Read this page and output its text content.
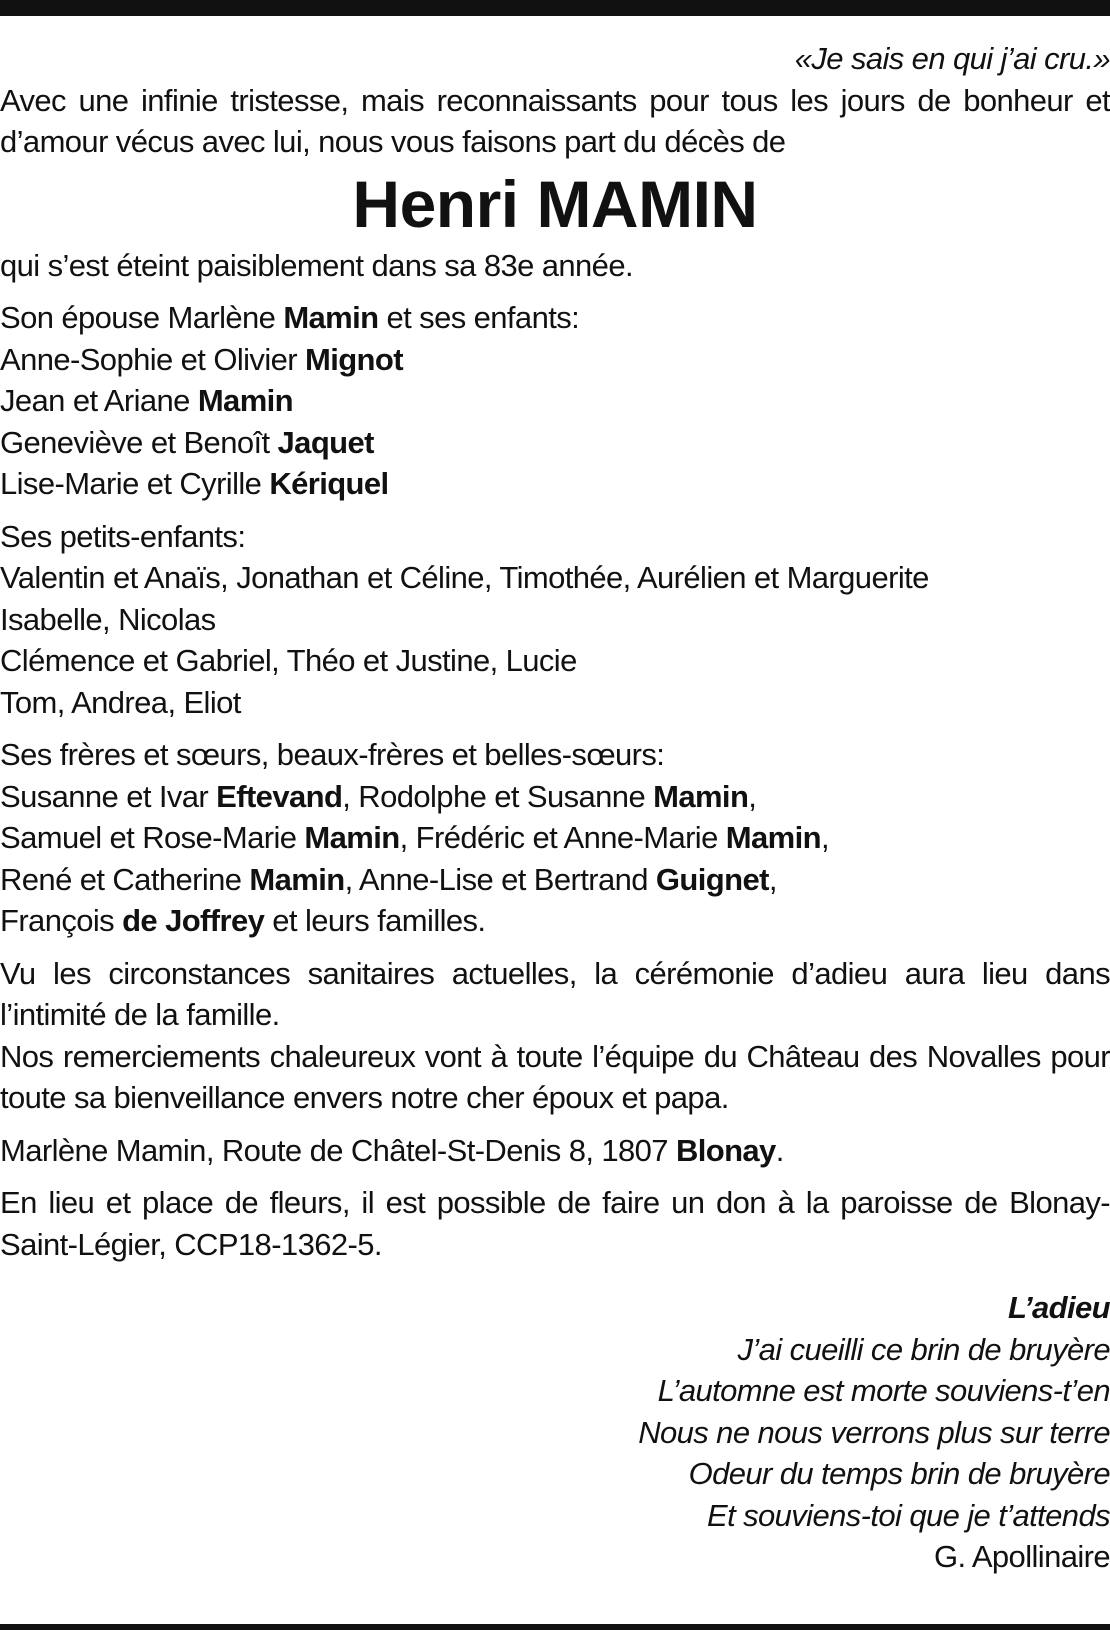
«Je sais en qui j’ai cru.»

Avec une infinie tristesse, mais reconnaissants pour tous les jours de bonheur et d’amour vécus avec lui, nous vous faisons part du décès de

Henri MAMIN

qui s’est éteint paisiblement dans sa 83e année.

Son épouse Marlène Mamin et ses enfants:

Anne-Sophie et Olivier Mignot

Jean et Ariane Mamin

Geneviève et Benoît Jaquet

Lise-Marie et Cyrille Kériquel

Ses petits-enfants:

Valentin et Anaïs, Jonathan et Céline, Timothée, Aurélien et Marguerite

Isabelle, Nicolas

Clémence et Gabriel, Théo et Justine, Lucie

Tom, Andrea, Eliot

Ses frères et sœurs, beaux-frères et belles-sœurs:

Susanne et Ivar Eftevand, Rodolphe et Susanne Mamin,

Samuel et Rose-Marie Mamin, Frédéric et Anne-Marie Mamin,

René et Catherine Mamin, Anne-Lise et Bertrand Guignet,

François de Joffrey et leurs familles.

Vu les circonstances sanitaires actuelles, la cérémonie d’adieu aura lieu dans l’intimité de la famille.

Nos remerciements chaleureux vont à toute l’équipe du Château des Novalles pour toute sa bienveillance envers notre cher époux et papa.

Marlène Mamin, Route de Châtel-St-Denis 8, 1807 Blonay.

En lieu et place de fleurs, il est possible de faire un don à la paroisse de Blonay-Saint-Légier, CCP18-1362-5.

L’adieu

J’ai cueilli ce brin de bruyère

L’automne est morte souviens-t’en

Nous ne nous verrons plus sur terre

Odeur du temps brin de bruyère

Et souviens-toi que je t’attends

G. Apollinaire
